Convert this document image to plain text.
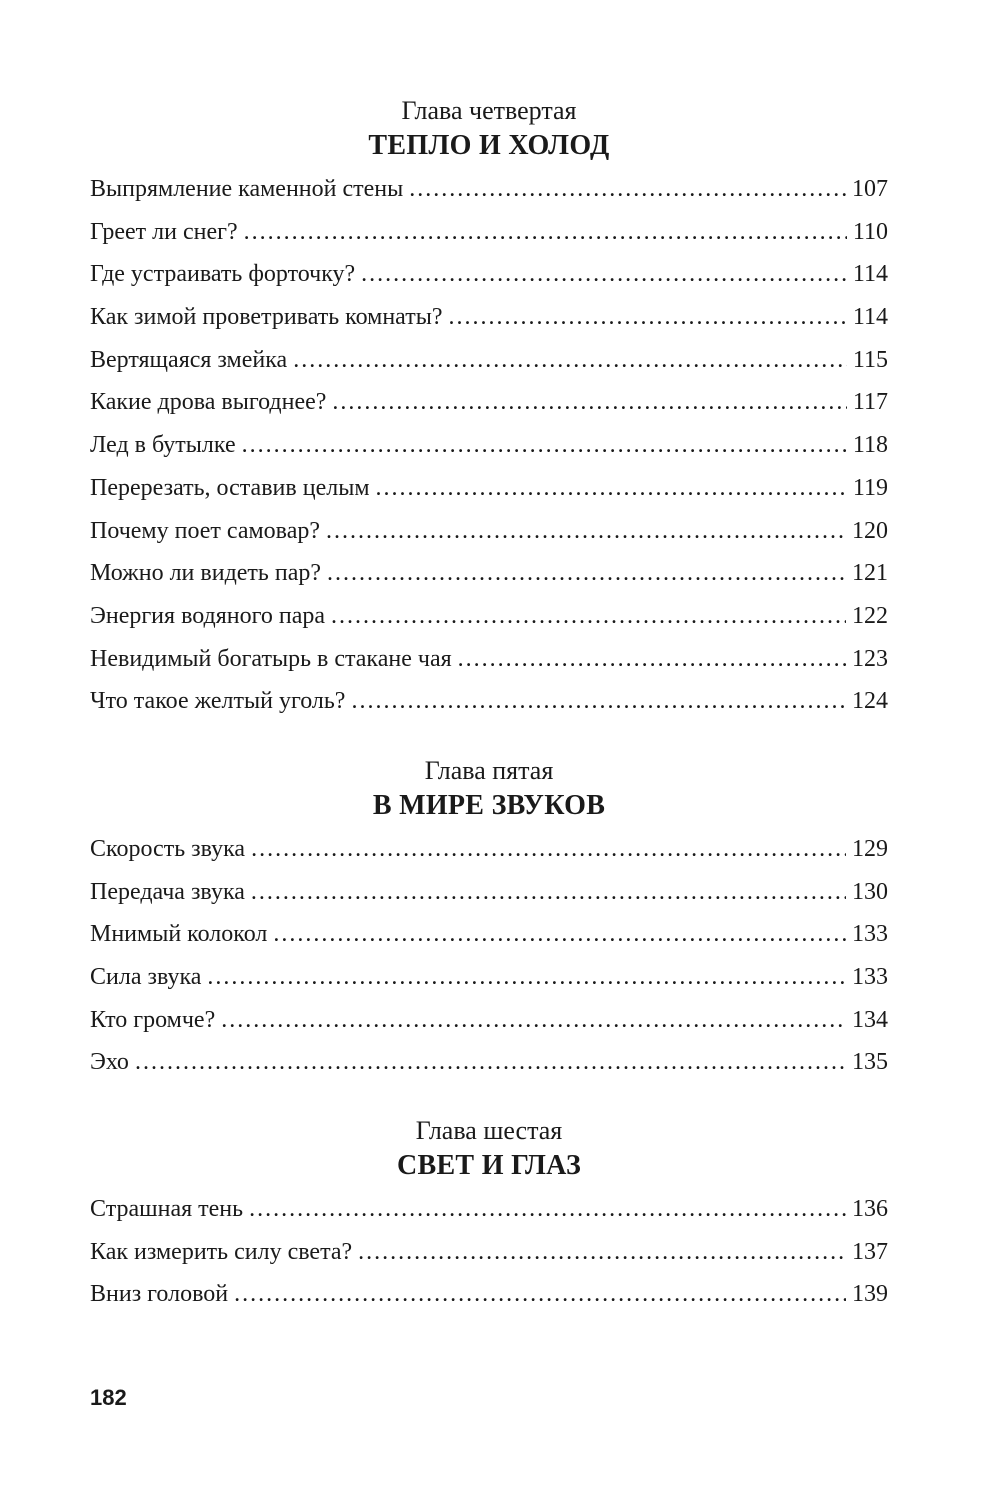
Глава четвертая
ТЕПЛО И ХОЛОД
Выпрямление каменной стены .....	107
Греет ли снег? .....	110
Где устраивать форточку? .....	114
Как зимой проветривать комнаты? .....	114
Вертящаяся змейка .....	115
Какие дрова выгоднее? .....	117
Лед в бутылке .....	118
Перерезать, оставив целым .....	119
Почему поет самовар? .....	120
Можно ли видеть пар? .....	121
Энергия водяного пара .....	122
Невидимый богатырь в стакане чая .....	123
Что такое желтый уголь? .....	124
Глава пятая
В МИРЕ ЗВУКОВ
Скорость звука .....	129
Передача звука .....	130
Мнимый колокол .....	133
Сила звука .....	133
Кто громче? .....	134
Эхо .....	135
Глава шестая
СВЕТ И ГЛАЗ
Страшная тень .....	136
Как измерить силу света? .....	137
Вниз головой .....	139
182
